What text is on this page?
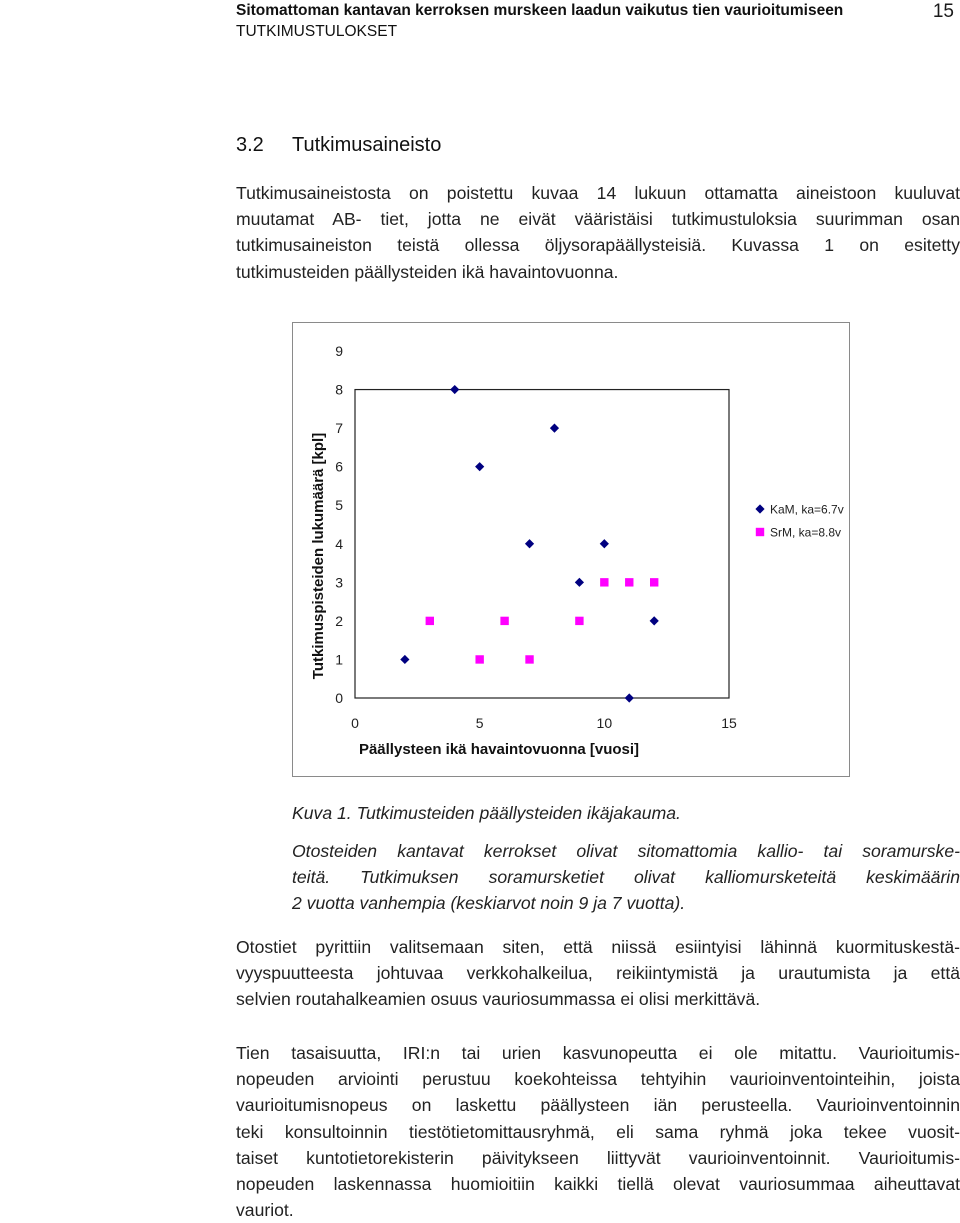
Sitomattoman kantavan kerroksen murskeen laadun vaikutus tien vaurioitumiseen
TUTKIMUSTULOKSET
15
3.2 Tutkimusaineisto

Tutkimusaineistosta on poistettu kuvaa 14 lukuun ottamatta aineistoon kuuluvat
muutamat AB- tiet, jotta ne eivät vääristäisi tutkimustuloksia suurimman osan
tutkimusaineiston teistä ollessa öljysorapäällysteisiä. Kuvassa 1 on esitetty
tutkimusteiden päällysteiden ikä havaintovuonna.

0
1
2
3
4
5
6
7
8
9
0	5	10	15
Tutkimuspisteiden lukumäärä [kpl]
Päällysteen ikä havaintovuonna [vuosi]
KaM, ka=6.7v
SrM, ka=8.8v

Kuva 1. Tutkimusteiden päällysteiden ikäjakauma.

Otosteiden kantavat kerrokset olivat sitomattomia kallio- tai soramurske-
teitä. Tutkimuksen soramursketiet olivat kalliomursketeitä keskimäärin
2 vuotta vanhempia (keskiarvot noin 9 ja 7 vuotta).

Otostiet pyrittiin valitsemaan siten, että niissä esiintyisi lähinnä kuormituskestä-
vyyspuutteesta johtuvaa verkkohalkeilua, reikiintymistä ja urautumista ja että
selvien routahalkeamien osuus vauriosummassa ei olisi merkittävä.

Tien tasaisuutta, IRI:n tai urien kasvunopeutta ei ole mitattu. Vaurioitumis-
nopeuden arviointi perustuu koekohteissa tehtyihin vaurioinventointeihin, joista
vaurioitumisnopeus on laskettu päällysteen iän perusteella. Vaurioinventoinnin
teki konsultoinnin tiestötietomittausryhmä, eli sama ryhmä joka tekee vuosit-
taiset kuntotietorekisterin päivitykseen liittyvät vaurioinventoinnit. Vaurioitumis-
nopeuden laskennassa huomioitiin kaikki tiellä olevat vauriosummaa aiheuttavat
vauriot.
